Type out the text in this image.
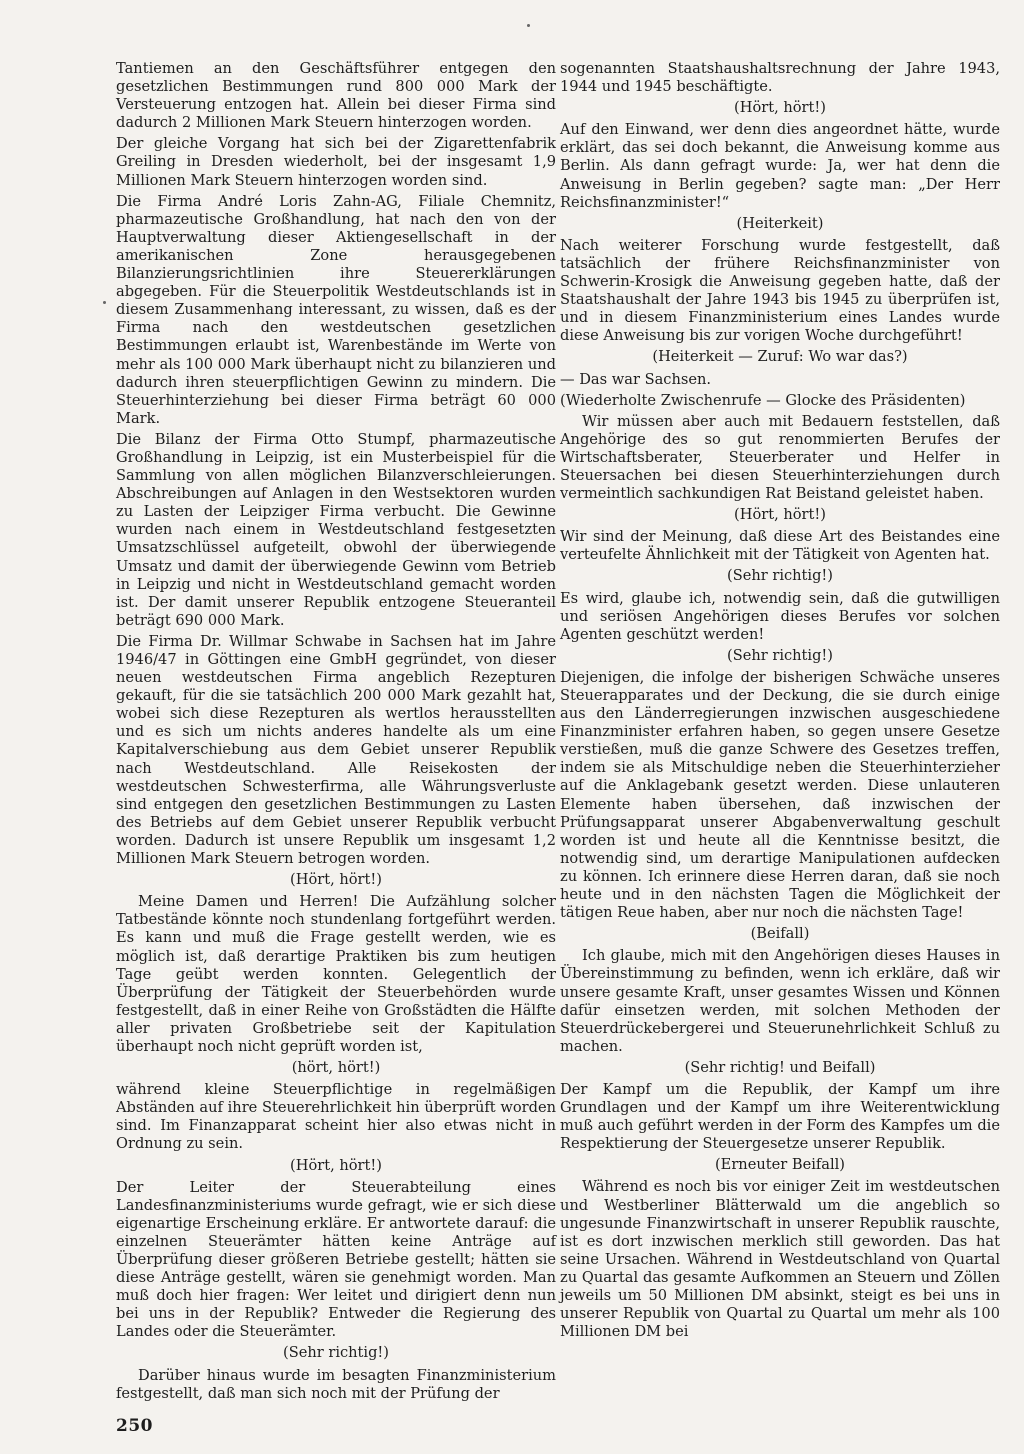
Tantiemen an den Geschäftsführer entgegen den gesetzlichen Bestimmungen rund 800 000 Mark der Versteuerung entzogen hat. Allein bei dieser Firma sind dadurch 2 Millionen Mark Steuern hinterzogen worden.

Der gleiche Vorgang hat sich bei der Zigarettenfabrik Greiling in Dresden wiederholt, bei der insgesamt 1,9 Millionen Mark Steuern hinterzogen worden sind.

Die Firma André Loris Zahn-AG, Filiale Chemnitz, pharmazeutische Großhandlung, hat nach den von der Hauptverwaltung dieser Aktiengesellschaft in der amerikanischen Zone herausgegebenen Bilanzierungsrichtlinien ihre Steuererklärungen abgegeben. Für die Steuerpolitik Westdeutschlands ist in diesem Zusammenhang interessant, zu wissen, daß es der Firma nach den westdeutschen gesetzlichen Bestimmungen erlaubt ist, Warenbestände im Werte von mehr als 100 000 Mark überhaupt nicht zu bilanzieren und dadurch ihren steuerpflichtigen Gewinn zu mindern. Die Steuerhinterziehung bei dieser Firma beträgt 60 000 Mark.

Die Bilanz der Firma Otto Stumpf, pharmazeutische Großhandlung in Leipzig, ist ein Musterbeispiel für die Sammlung von allen möglichen Bilanzverschleierungen. Abschreibungen auf Anlagen in den Westsektoren wurden zu Lasten der Leipziger Firma verbucht. Die Gewinne wurden nach einem in Westdeutschland festgesetzten Umsatzschlüssel aufgeteilt, obwohl der überwiegende Umsatz und damit der überwiegende Gewinn vom Betrieb in Leipzig und nicht in Westdeutschland gemacht worden ist. Der damit unserer Republik entzogene Steueranteil beträgt 690 000 Mark.

Die Firma Dr. Willmar Schwabe in Sachsen hat im Jahre 1946/47 in Göttingen eine GmbH gegründet, von dieser neuen westdeutschen Firma angeblich Rezepturen gekauft, für die sie tatsächlich 200 000 Mark gezahlt hat, wobei sich diese Rezepturen als wertlos herausstellten und es sich um nichts anderes handelte als um eine Kapitalverschiebung aus dem Gebiet unserer Republik nach Westdeutschland. Alle Reisekosten der westdeutschen Schwesterfirma, alle Währungsverluste sind entgegen den gesetzlichen Bestimmungen zu Lasten des Betriebs auf dem Gebiet unserer Republik verbucht worden. Dadurch ist unsere Republik um insgesamt 1,2 Millionen Mark Steuern betrogen worden.

(Hört, hört!)

Meine Damen und Herren! Die Aufzählung solcher Tatbestände könnte noch stundenlang fortgeführt werden. Es kann und muß die Frage gestellt werden, wie es möglich ist, daß derartige Praktiken bis zum heutigen Tage geübt werden konnten. Gelegentlich der Überprüfung der Tätigkeit der Steuerbehörden wurde festgestellt, daß in einer Reihe von Großstädten die Hälfte aller privaten Großbetriebe seit der Kapitulation überhaupt noch nicht geprüft worden ist,

(hört, hört!)

während kleine Steuerpflichtige in regelmäßigen Abständen auf ihre Steuerehrlichkeit hin überprüft worden sind. Im Finanzapparat scheint hier also etwas nicht in Ordnung zu sein.

(Hört, hört!)

Der Leiter der Steuerabteilung eines Landesfinanzministeriums wurde gefragt, wie er sich diese eigenartige Erscheinung erkläre. Er antwortete darauf: die einzelnen Steuerämter hätten keine Anträge auf Überprüfung dieser größeren Betriebe gestellt; hätten sie diese Anträge gestellt, wären sie genehmigt worden. Man muß doch hier fragen: Wer leitet und dirigiert denn nun bei uns in der Republik? Entweder die Regierung des Landes oder die Steuerämter.

(Sehr richtig!)

Darüber hinaus wurde im besagten Finanzministerium festgestellt, daß man sich noch mit der Prüfung der

sogenannten Staatshaushaltsrechnung der Jahre 1943, 1944 und 1945 beschäftigte.

(Hört, hört!)

Auf den Einwand, wer denn dies angeordnet hätte, wurde erklärt, das sei doch bekannt, die Anweisung komme aus Berlin. Als dann gefragt wurde: Ja, wer hat denn die Anweisung in Berlin gegeben? sagte man: „Der Herr Reichsfinanzminister!“

(Heiterkeit)

Nach weiterer Forschung wurde festgestellt, daß tatsächlich der frühere Reichsfinanzminister von Schwerin-Krosigk die Anweisung gegeben hatte, daß der Staatshaushalt der Jahre 1943 bis 1945 zu überprüfen ist, und in diesem Finanzministerium eines Landes wurde diese Anweisung bis zur vorigen Woche durchgeführt!

(Heiterkeit — Zuruf: Wo war das?)

— Das war Sachsen.

(Wiederholte Zwischenrufe — Glocke des Präsidenten)

Wir müssen aber auch mit Bedauern feststellen, daß Angehörige des so gut renommierten Berufes der Wirtschaftsberater, Steuerberater und Helfer in Steuersachen bei diesen Steuerhinterziehungen durch vermeintlich sachkundigen Rat Beistand geleistet haben.

(Hört, hört!)

Wir sind der Meinung, daß diese Art des Beistandes eine verteufelte Ähnlichkeit mit der Tätigkeit von Agenten hat.

(Sehr richtig!)

Es wird, glaube ich, notwendig sein, daß die gutwilligen und seriösen Angehörigen dieses Berufes vor solchen Agenten geschützt werden!

(Sehr richtig!)

Diejenigen, die infolge der bisherigen Schwäche unseres Steuerapparates und der Deckung, die sie durch einige aus den Länderregierungen inzwischen ausgeschiedene Finanzminister erfahren haben, so gegen unsere Gesetze verstießen, muß die ganze Schwere des Gesetzes treffen, indem sie als Mitschuldige neben die Steuerhinterzieher auf die Anklagebank gesetzt werden. Diese unlauteren Elemente haben übersehen, daß inzwischen der Prüfungsapparat unserer Abgabenverwaltung geschult worden ist und heute all die Kenntnisse besitzt, die notwendig sind, um derartige Manipulationen aufdecken zu können. Ich erinnere diese Herren daran, daß sie noch heute und in den nächsten Tagen die Möglichkeit der tätigen Reue haben, aber nur noch die nächsten Tage!

(Beifall)

Ich glaube, mich mit den Angehörigen dieses Hauses in Übereinstimmung zu befinden, wenn ich erkläre, daß wir unsere gesamte Kraft, unser gesamtes Wissen und Können dafür einsetzen werden, mit solchen Methoden der Steuerdrückebergerei und Steuerunehrlichkeit Schluß zu machen.

(Sehr richtig! und Beifall)

Der Kampf um die Republik, der Kampf um ihre Grundlagen und der Kampf um ihre Weiterentwicklung muß auch geführt werden in der Form des Kampfes um die Respektierung der Steuergesetze unserer Republik.

(Erneuter Beifall)

Während es noch bis vor einiger Zeit im westdeutschen und Westberliner Blätterwald um die angeblich so ungesunde Finanzwirtschaft in unserer Republik rauschte, ist es dort inzwischen merklich still geworden. Das hat seine Ursachen. Während in Westdeutschland von Quartal zu Quartal das gesamte Aufkommen an Steuern und Zöllen jeweils um 50 Millionen DM absinkt, steigt es bei uns in unserer Republik von Quartal zu Quartal um mehr als 100 Millionen DM bei

250
